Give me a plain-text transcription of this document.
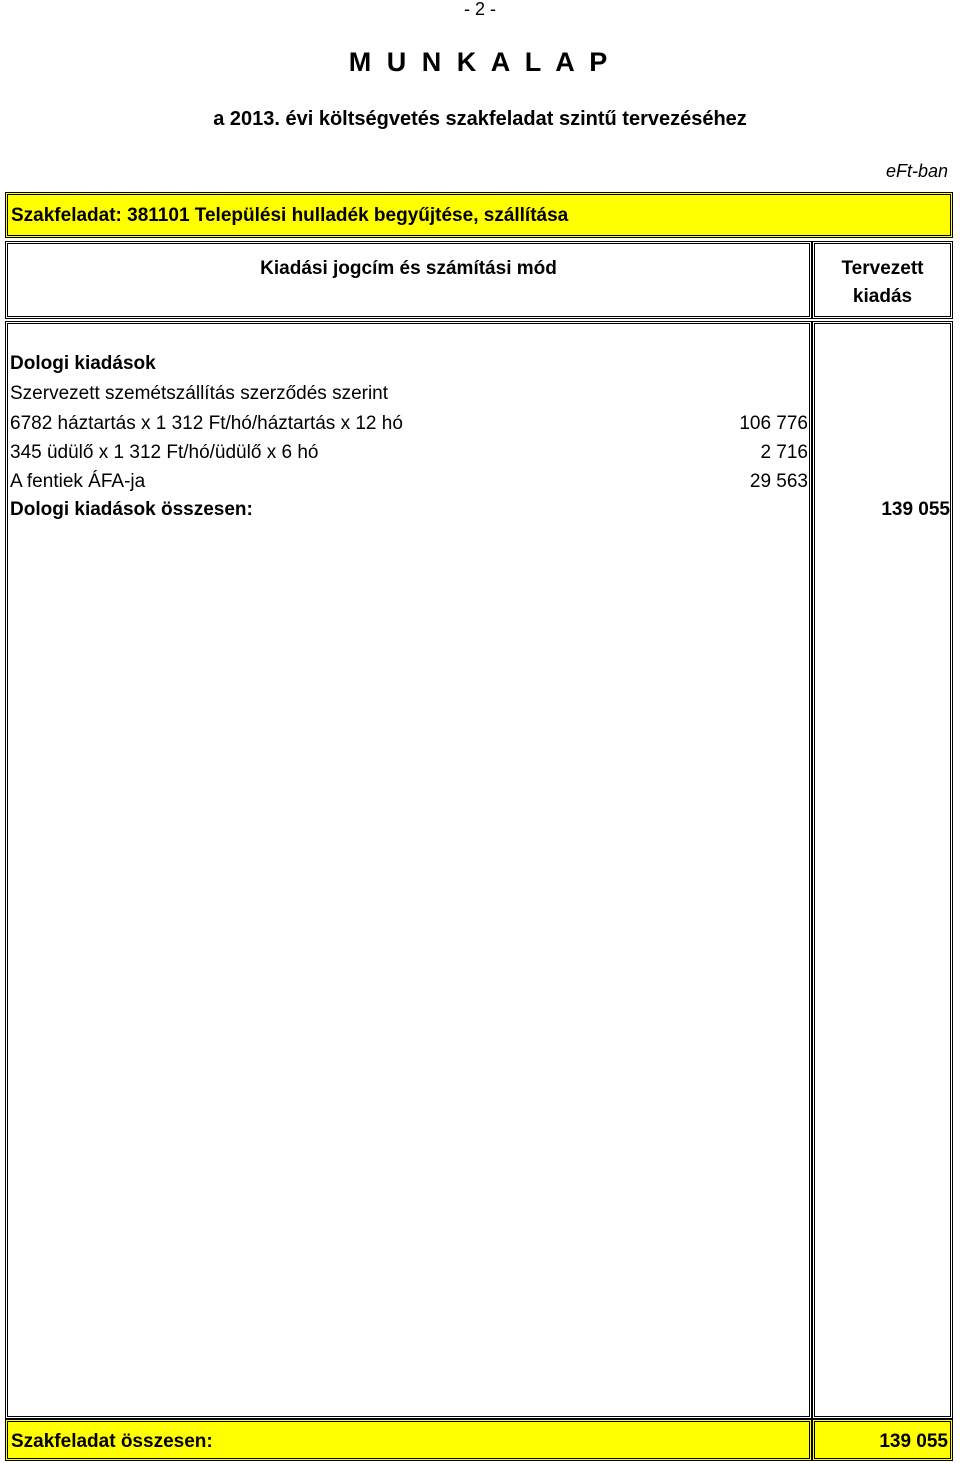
- 2 -
M U N K A L A P
a 2013. évi költségvetés szakfeladat szintű tervezéséhez
eFt-ban
Szakfeladat: 381101 Települési hulladék begyűjtése, szállítása
Kiadási jogcím és számítási mód	Tervezett
kiadás
Dologi kiadások
Szervezett szemétszállítás szerződés szerint
6782 háztartás x 1 312 Ft/hó/háztartás x 12 hó	106 776
345 üdülő x 1 312 Ft/hó/üdülő x 6 hó	2 716
A fentiek ÁFA-ja	29 563
Dologi kiadások összesen:	139 055
Szakfeladat összesen:	139 055
